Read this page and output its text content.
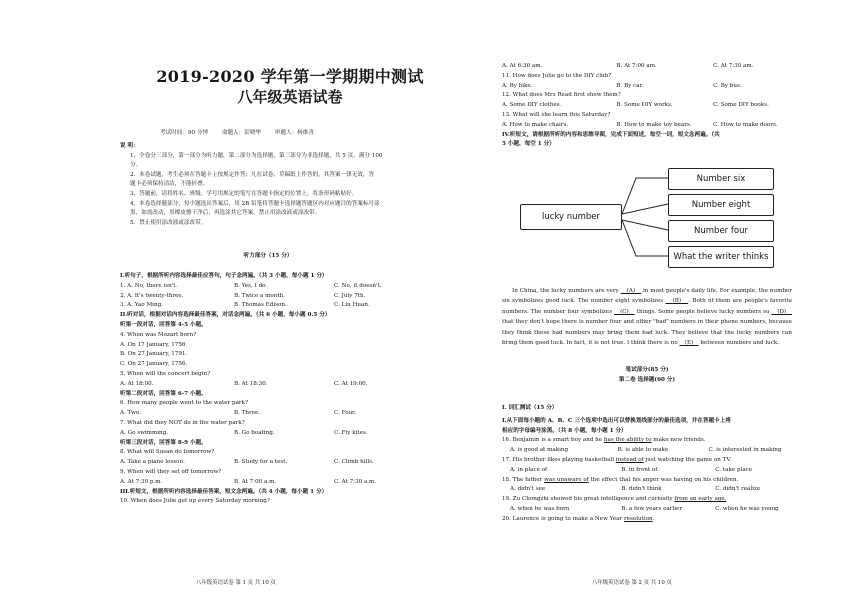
2019-2020 学年第一学期期中测试
八年级英语试卷
考试时间：90 分钟 命题人：彭晓华 审题人：杨维青
说 明：
1、全卷分三部分，第一部分为听力题，第二部分为选择题，第三部分为非选择题，共 5 页，满分 100
分。
2、本卷试题，考生必须在答题卡上按规定作答；凡在试卷、草稿纸上作答的，其答案一律无效，答
题卡必须保持清洁，不能折叠。
3、答题前，请将姓名、班级、学号用规定的笔写在答题卡指定的位置上，将条形码粘贴好。
4、本卷选择题部分，每小题选出答案后，用 2B 铅笔将答题卡选择题答题区内对应题目的答案标号涂
黑，如需改动，用橡皮擦干净后，再选涂其它答案，禁止用涂改液或涂改带。
5、禁止使用涂改液或涂改带。
听力部分（15 分）
I.听句子，根据所听内容选择最佳应答句，句子念两遍。（共 3 小题，每小题 1 分）
1. A. No, there isn't.	B. Yes, I do.	C. No, it doesn't.
2. A. It's twenty-three.	B. Twice a month.	C. July 7th.
3. A. Yao Ming.	B. Thomas Edison.	C. Liu Huan.
II.听对话，根据对话内容选择最佳答案，对话念两遍。（共 6 小题，每小题 0.5 分）
听第一段对话，回答第 4-5 小题。
4. When was Mozart born?
A. On 17 January, 1756.
B. On 27 January, 1791.
C. On 27 January, 1756.
5. When will the concert begin?
A. At 18:00.	B. At 18:30.	C. At 19:00.
听第二段对话，回答第 6-7 小题。
6. How many people went to the water park?
A. Two.	B. Three.	C. Four.
7. What did they NOT do in the water park?
A. Go swimming.	B. Go boating.	C. Fly kites.
听第三段对话，回答第 8-9 小题。
8. What will Susan do tomorrow?
A. Take a piano lesson.	B. Study for a test.	C. Climb hills.
9. When will they set off tomorrow?
A. At 7:30 p.m.	B. At 7:00 a.m.	C. At 7:30 a.m.
III.听短文，根据所听内容选择最佳答案，短文念两遍。（共 4 小题，每小题 1 分）
10. When does Julie get up every Saturday morning?
八年级英语试卷 第 1 页 共 10 页
A. At 6:30 am.	B. At 7:00 am.	C. At 7:30 am.
11. How does Julie go to the DIY club?
A. By bike.	B. By car.	C. By bus.
12. What does Mrs Read first show them?
A. Some DIY clothes.	B. Some DIY works.	C. Some DIY books.
13. What will she learn this Saturday?
A. How to make chairs.	B. How to make toy bears.	C. How to make doors.
IV.听短文，请根据所听的内容和思维导图，完成下面短述，每空一词，短文念两遍。（共
5 小题，每空 1 分）
lucky number
Number six
Number eight
Number four
What the writer thinks
In China, the lucky numbers are very    (A)    in most people's daily life. For example, the number six symbolizes good luck. The number eight symbolizes    (B) . Both of them are people's favorite numbers. The number four symbolizes    (C)    things. Some people believe lucky numbers so    (D)    that they don't hope there is number four and other "bad" numbers in their phone numbers, because they think these bad numbers may bring them bad luck. They believe that the lucky numbers can bring them good luck. In fact, it is not true. I think there is no    (E)    between numbers and luck.
笔试部分(85 分)
第二卷 选择题(60 分)
I. 词汇测试（15 分）
I.从下面每小题的 A、B、C 三个选项中选出可以替换划线部分的最佳选项，并在答题卡上将
相应的字母编号涂黑。（共 8 小题，每小题 1 分）
16. Benjamin is a smart boy and he has the ability to make new friends.
A. is good at making	B. is able to make	C. is interested in making
17. His brother likes playing basketball instead of just watching the game on TV.
A. in place of	B. in front of	C. take place
18. The father was unaware of the effect that his anger was having on his children.
A. didn't see	B. didn't think	C. didn't realize
19. Zu Chongzhi showed his great intelligence and curiosity from an early age.
A. when he was born	B. a few years earlier	C. when he was young
20. Laurence is going to make a New Year resolution.
八年级英语试卷 第 2 页 共 10 页
